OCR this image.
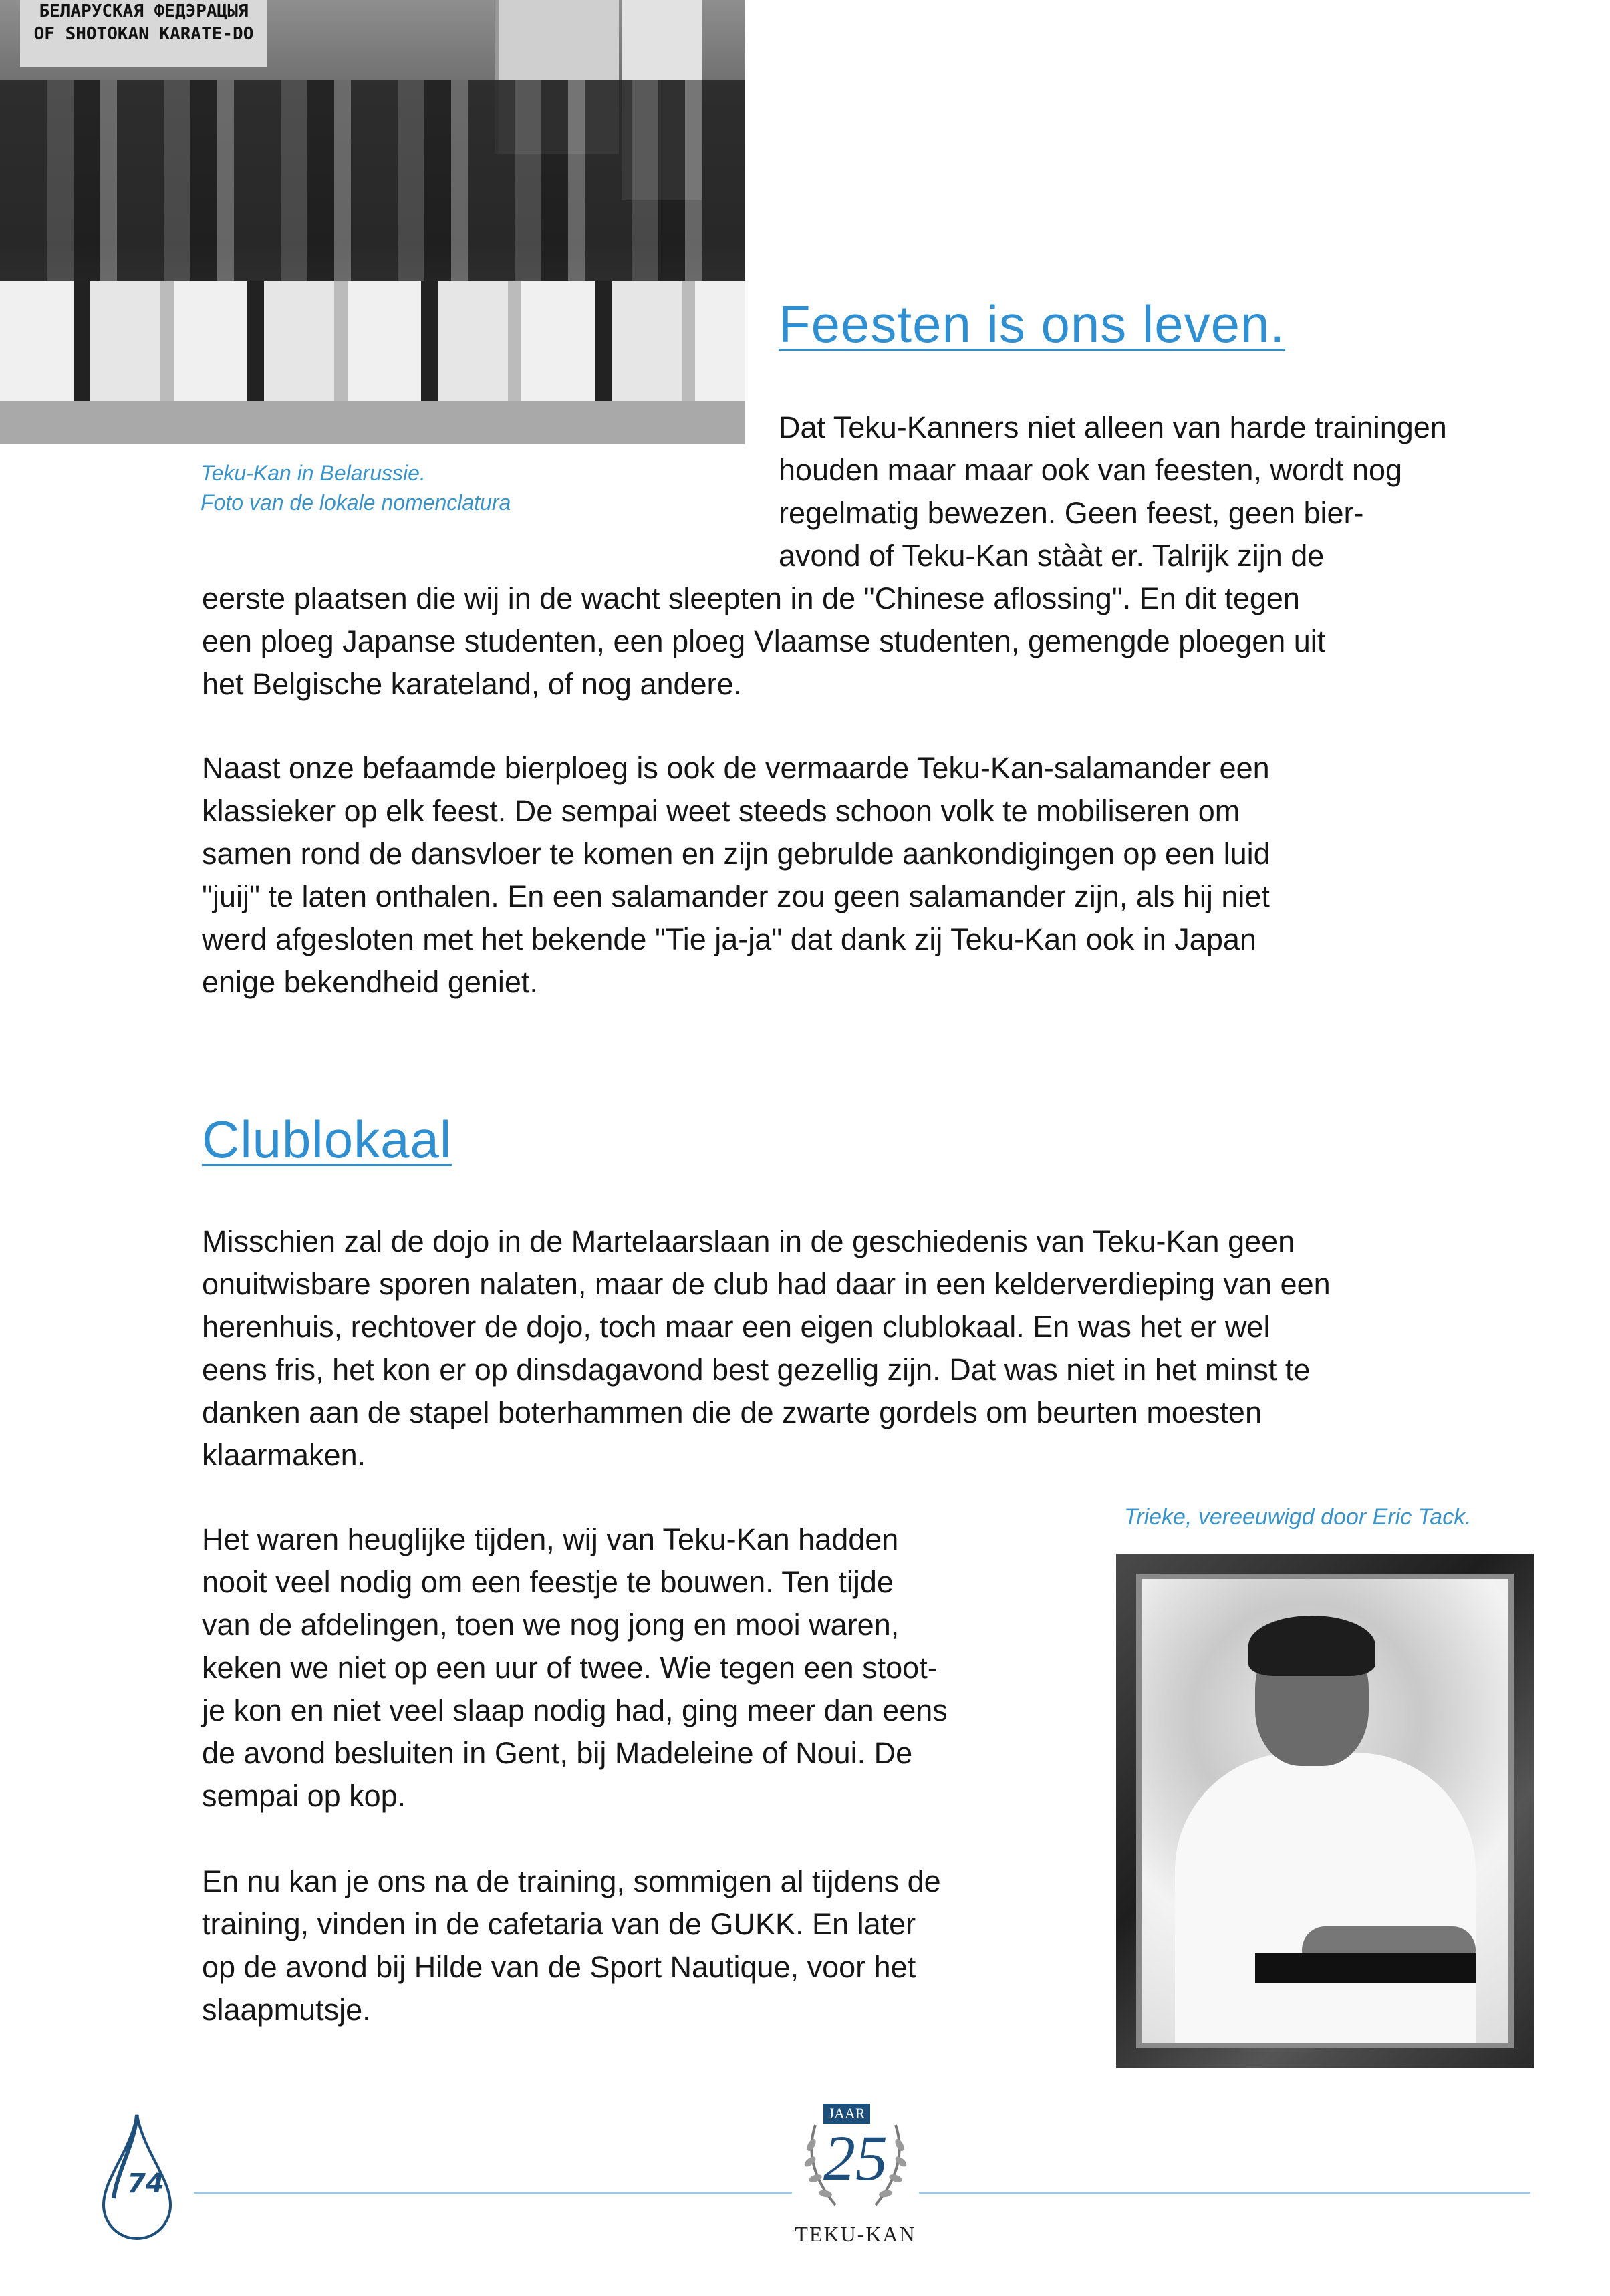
БЕЛАРУСКАЯ ФЕДЭРАЦЫЯ
OF SHOTOKAN KARATE-DO
Teku-Kan in Belarussie.
Foto van de lokale nomenclatura
Feesten is ons leven.
Dat Teku-Kanners niet alleen van harde trainingen
houden maar maar ook van feesten, wordt nog
regelmatig bewezen. Geen feest, geen bier-
avond of Teku-Kan stààt er. Talrijk zijn de
eerste plaatsen die wij in de wacht sleepten in de "Chinese aflossing". En dit tegen
een ploeg Japanse studenten, een ploeg Vlaamse studenten, gemengde ploegen uit
het Belgische karateland, of nog andere.
Naast onze befaamde bierploeg is ook de vermaarde Teku-Kan-salamander een
klassieker op elk feest. De sempai weet steeds schoon volk te mobiliseren om
samen rond de dansvloer te komen en zijn gebrulde aankondigingen op een luid
"juij" te laten onthalen. En een salamander zou geen salamander zijn, als hij niet
werd afgesloten met het bekende "Tie ja-ja" dat dank zij Teku-Kan ook in Japan
enige bekendheid geniet.
Clublokaal
Misschien zal de dojo in de Martelaarslaan in de geschiedenis van Teku-Kan geen
onuitwisbare sporen nalaten, maar de club had daar in een kelderverdieping van een
herenhuis, rechtover de dojo, toch maar een eigen clublokaal. En was het er wel
eens fris, het kon er op dinsdagavond best gezellig zijn. Dat was niet in het minst te
danken aan de stapel boterhammen die de zwarte gordels om beurten moesten
klaarmaken.
Trieke, vereeuwigd door Eric Tack.
Het waren heuglijke tijden, wij van Teku-Kan hadden
nooit veel nodig om een feestje te bouwen. Ten tijde
van de afdelingen, toen we nog jong en mooi waren,
keken we niet op een uur of twee. Wie tegen een stoot-
je kon en niet veel slaap nodig had, ging meer dan eens
de avond besluiten in Gent, bij Madeleine of Noui. De
sempai op kop.
En nu kan je ons na de training, sommigen al tijdens de
training, vinden in de cafetaria van de GUKK. En later
op de avond bij Hilde van de Sport Nautique, voor het
slaapmutsje.
74
JAAR
25
TEKU-KAN
